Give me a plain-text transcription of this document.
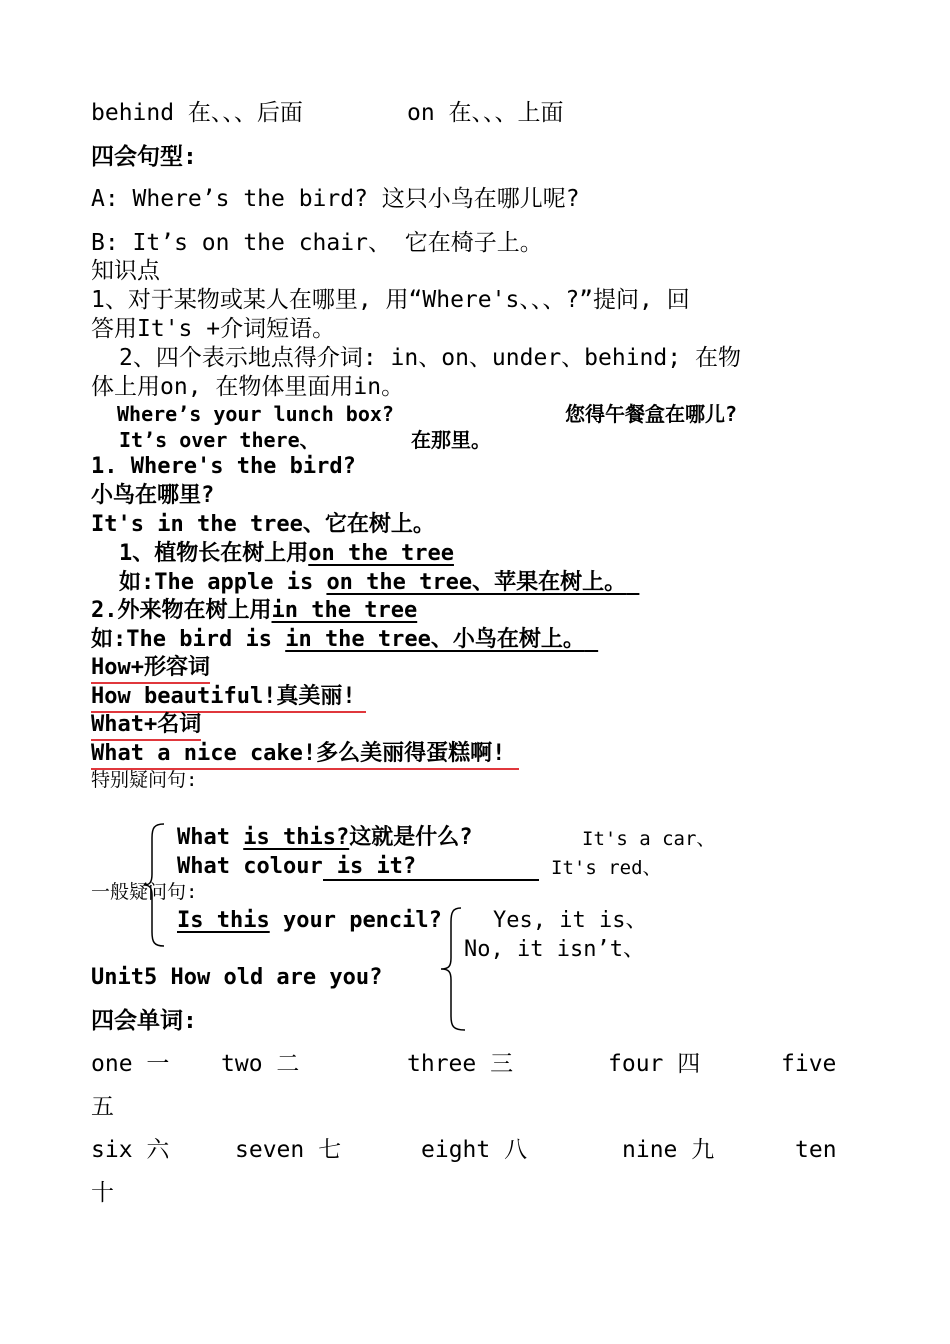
behind 在、、、后面	on 在、、、上面
四会句型:
A: Where’s the bird? 这只小鸟在哪儿呢?
B: It’s on the chair、 它在椅子上。
知识点
1、对于某物或某人在哪里, 用“Where's、、、?”提问, 回
答用It's +介词短语。
2、四个表示地点得介词: in、on、under、behind; 在物
体上用on, 在物体里面用in。
Where’s your lunch box?	您得午餐盒在哪儿?
It’s over there、	在那里。
1. Where's the bird?
小鸟在哪里?
It's in the tree、它在树上。
1、植物长在树上用on the tree
如:The apple is on the tree、苹果在树上。
2.外来物在树上用in the tree
如:The bird is in the tree、小鸟在树上。
How+形容词
How beautiful!真美丽!
What+名词
What a nice cake!多么美丽得蛋糕啊!
特别疑问句:
What is this?这就是什么?	It's a car、
What colour is it?	It's red、
一般疑问句:
Is this your pencil? Yes, it is、
No, it isn’t、
Unit5 How old are you?
四会单词:
one 一 two 二	three 三	four 四	five
五
six 六	seven 七	eight 八	nine 九	ten
十
